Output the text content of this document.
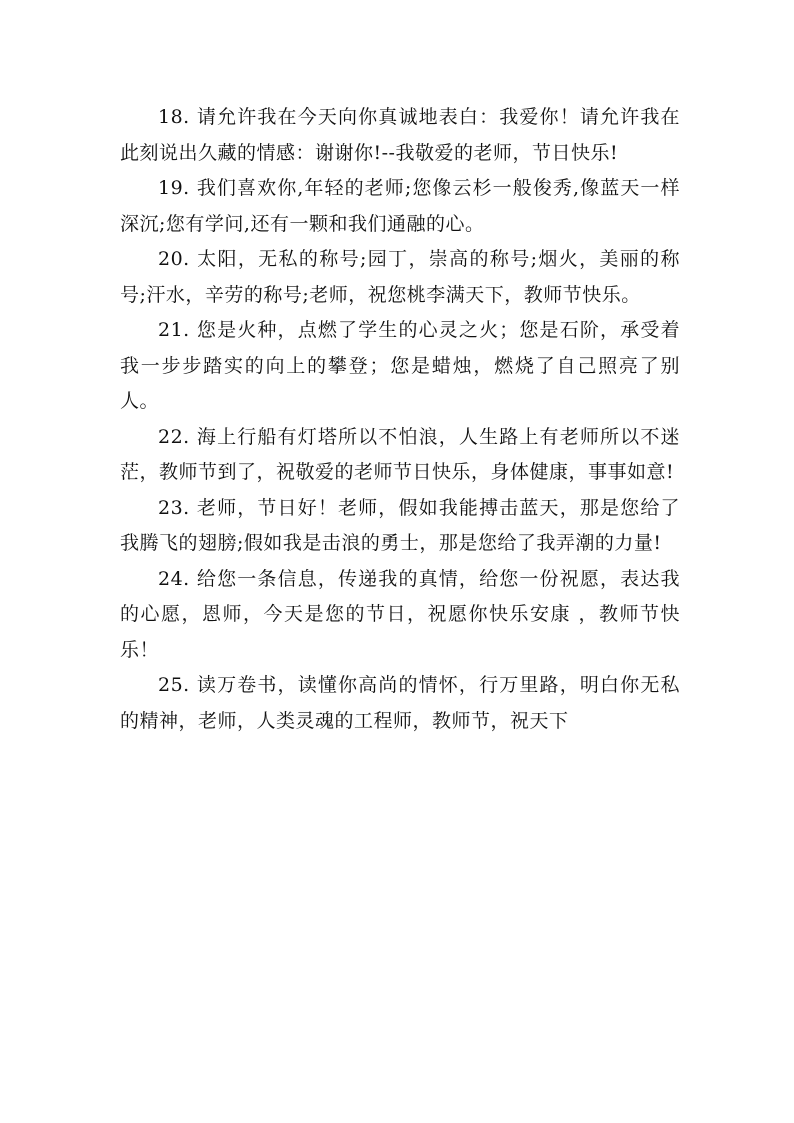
18. 请允许我在今天向你真诚地表白：我爱你！请允许我在此刻说出久藏的情感：谢谢你!--我敬爱的老师，节日快乐!

19. 我们喜欢你,年轻的老师;您像云杉一般俊秀,像蓝天一样深沉;您有学问,还有一颗和我们通融的心。

20. 太阳，无私的称号;园丁，崇高的称号;烟火，美丽的称号;汗水，辛劳的称号;老师，祝您桃李满天下，教师节快乐。

21. 您是火种，点燃了学生的心灵之火；您是石阶，承受着我一步步踏实的向上的攀登；您是蜡烛，燃烧了自己照亮了别人。

22. 海上行船有灯塔所以不怕浪，人生路上有老师所以不迷茫，教师节到了，祝敬爱的老师节日快乐，身体健康，事事如意!

23. 老师，节日好！老师，假如我能搏击蓝天，那是您给了我腾飞的翅膀;假如我是击浪的勇士，那是您给了我弄潮的力量!

24. 给您一条信息，传递我的真情，给您一份祝愿，表达我的心愿，恩师，今天是您的节日，祝愿你快乐安康 ，教师节快乐！

25. 读万卷书，读懂你高尚的情怀，行万里路，明白你无私的精神，老师，人类灵魂的工程师，教师节，祝天下
